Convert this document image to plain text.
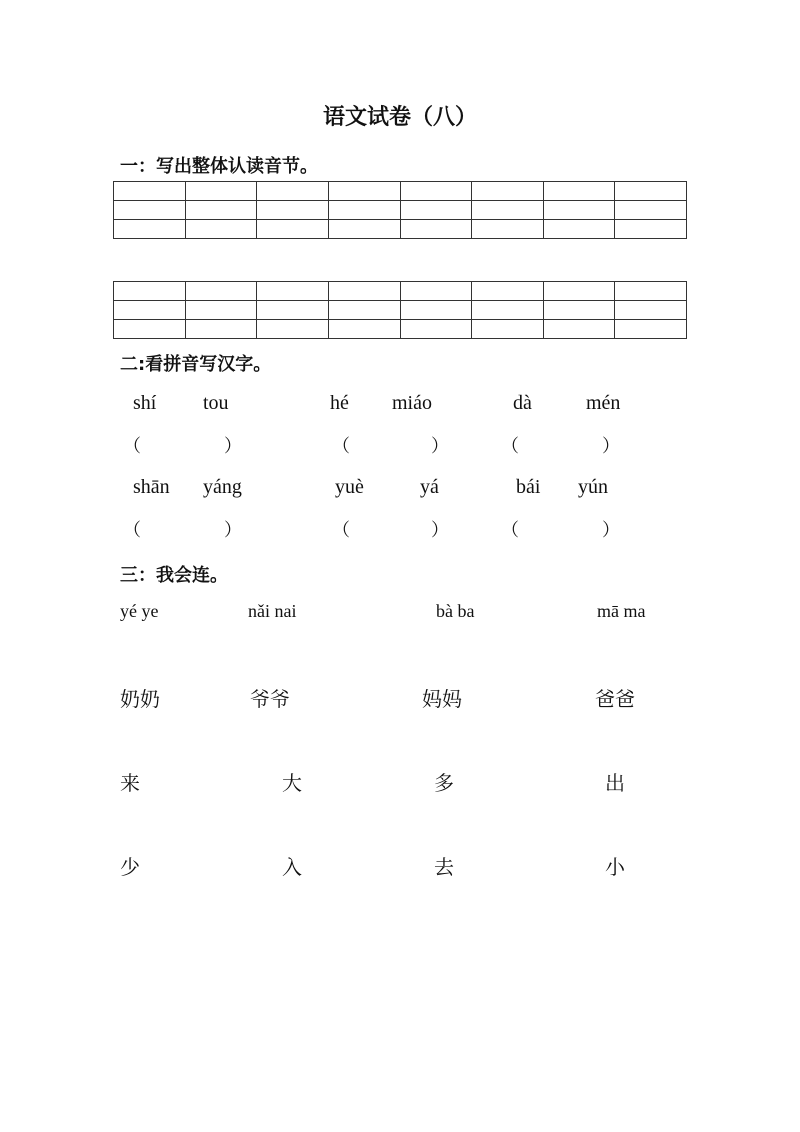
语文试卷（八）
一：写出整体认读音节。

二:看拼音写汉字。
shí tou	hé miáo	dà	mén
（	）	（	）	（	）
shān yáng	yuè	yá	bái yún
（	）	（	）	（	）
三：我会连。
yé ye	nǎi nai	bà ba	mā ma
奶奶	爷爷	妈妈	爸爸
来	大	多	出
少	入	去	小
